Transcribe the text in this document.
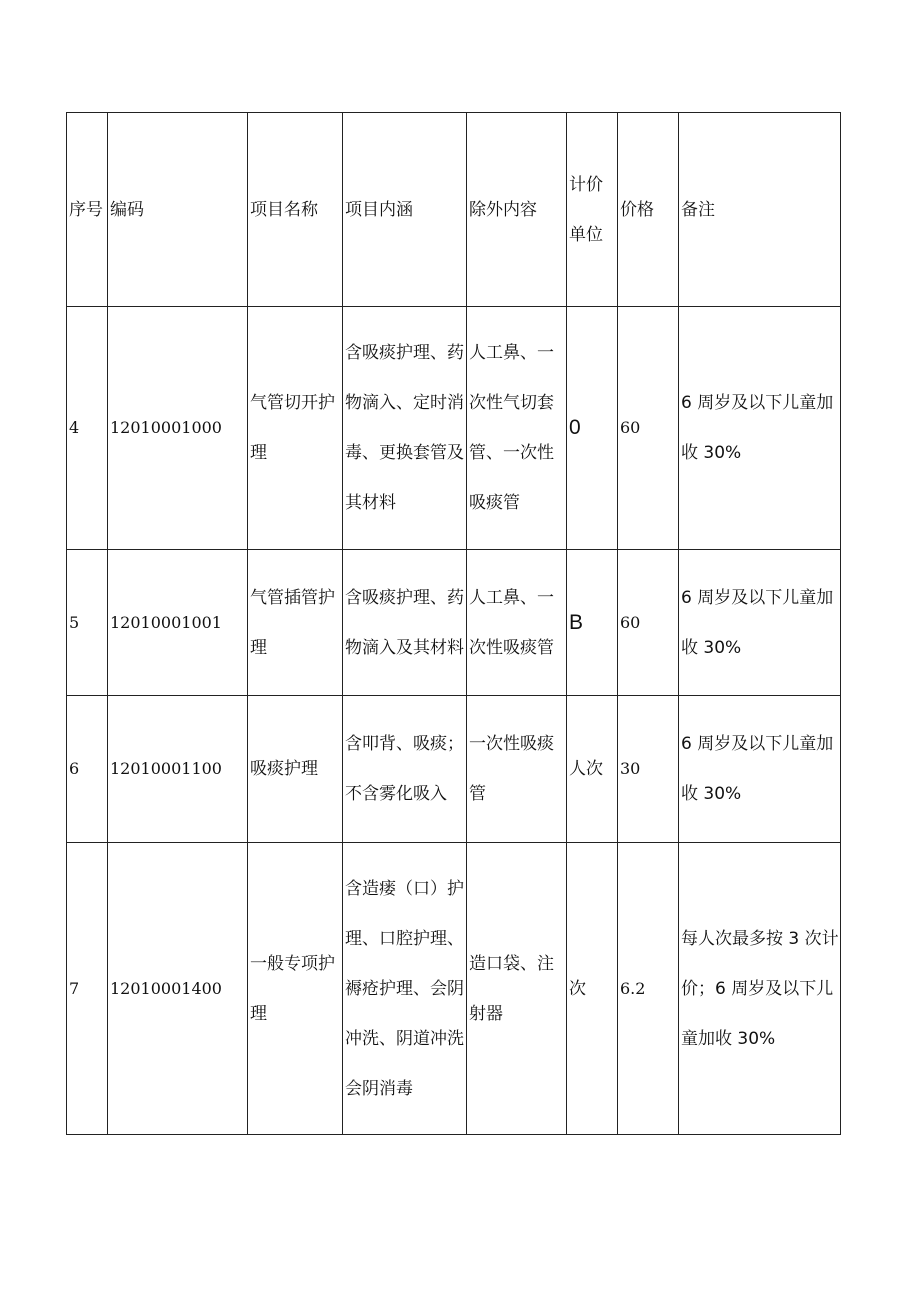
序号	编码	项目名称	项目内涵	除外内容	计价单位	价格	备注
4	12010001000	气管切开护理	含吸痰护理、药物滴入、定时消毒、更换套管及其材料	人工鼻、一次性气切套管、一次性吸痰管	0	60	6 周岁及以下儿童加收 30%
5	12010001001	气管插管护理	含吸痰护理、药物滴入及其材料	人工鼻、一次性吸痰管	B	60	6 周岁及以下儿童加收 30%
6	12010001100	吸痰护理	含叩背、吸痰；不含雾化吸入	一次性吸痰管	人次	30	6 周岁及以下儿童加收 30%
7	12010001400	一般专项护理	含造瘘（口）护理、口腔护理、褥疮护理、会阴冲洗、阴道冲洗会阴消毒	造口袋、注射器	次	6.2	每人次最多按 3 次计价；6 周岁及以下儿童加收 30%
